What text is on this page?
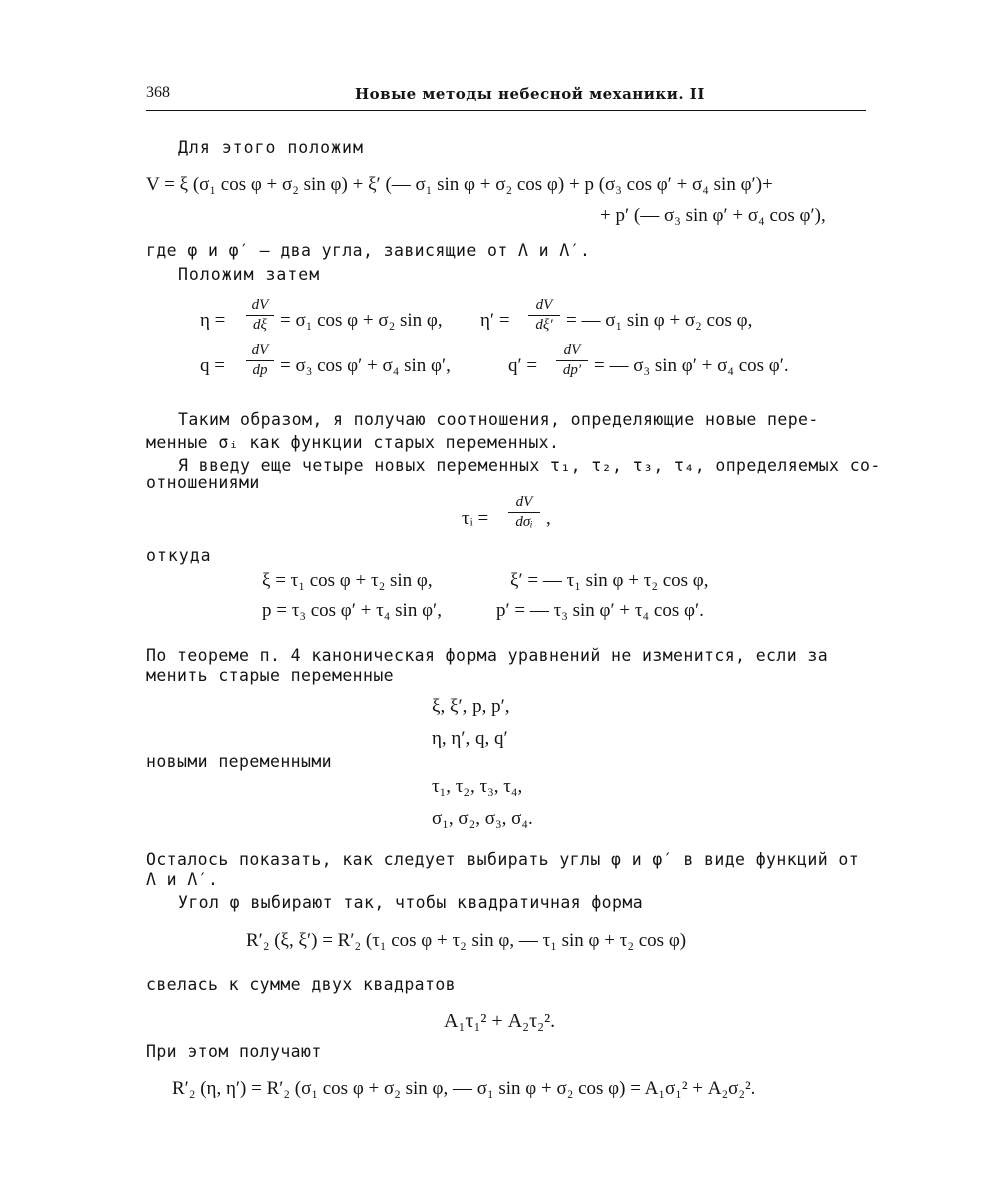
368	Новые методы небесной механики. II
Для этого положим
V = ξ (σ₁ cos φ + σ₂ sin φ) + ξ′ (— σ₁ sin φ + σ₂ cos φ) + p (σ₃ cos φ′ + σ₄ sin φ′)+
+ p′ (— σ₃ sin φ′ + σ₄ cos φ′),
где φ и φ′ — два угла, зависящие от Λ и Λ′.
Положим затем
η =
dV
dξ = σ₁ cos φ + σ₂ sin φ, η′ =
dV
dξ′ = — σ₁ sin φ + σ₂ cos φ,
q =
dV
dp = σ₃ cos φ′ + σ₄ sin φ′,	q′ =
dV
dp′ = — σ₃ sin φ′ + σ₄ cos φ′.
Таким образом, я получаю соотношения, определяющие новые пере-
менные σᵢ как функции старых переменных.
Я введу еще четыре новых переменных τ₁, τ₂, τ₃, τ₄, определяемых со-
отношениями
τᵢ =
dV
dσᵢ ,
откуда
ξ = τ₁ cos φ + τ₂ sin φ,	ξ′ = — τ₁ sin φ + τ₂ cos φ,
p = τ₃ cos φ′ + τ₄ sin φ′,	p′ = — τ₃ sin φ′ + τ₄ cos φ′.
По теореме п. 4 каноническая форма уравнений не изменится, если за
менить старые переменные
ξ, ξ′, p, p′,
η, η′, q, q′
новыми переменными
τ₁, τ₂, τ₃, τ₄,
σ₁, σ₂, σ₃, σ₄.
Осталось показать, как следует выбирать углы φ и φ′ в виде функций от
Λ и Λ′.
Угол φ выбирают так, чтобы квадратичная форма
R′₂ (ξ, ξ′) = R′₂ (τ₁ cos φ + τ₂ sin φ, — τ₁ sin φ + τ₂ cos φ)
свелась к сумме двух квадратов
A₁τ₁² + A₂τ₂².
При этом получают
R′₂ (η, η′) = R′₂ (σ₁ cos φ + σ₂ sin φ, — σ₁ sin φ + σ₂ cos φ) = A₁σ₁² + A₂σ₂².
